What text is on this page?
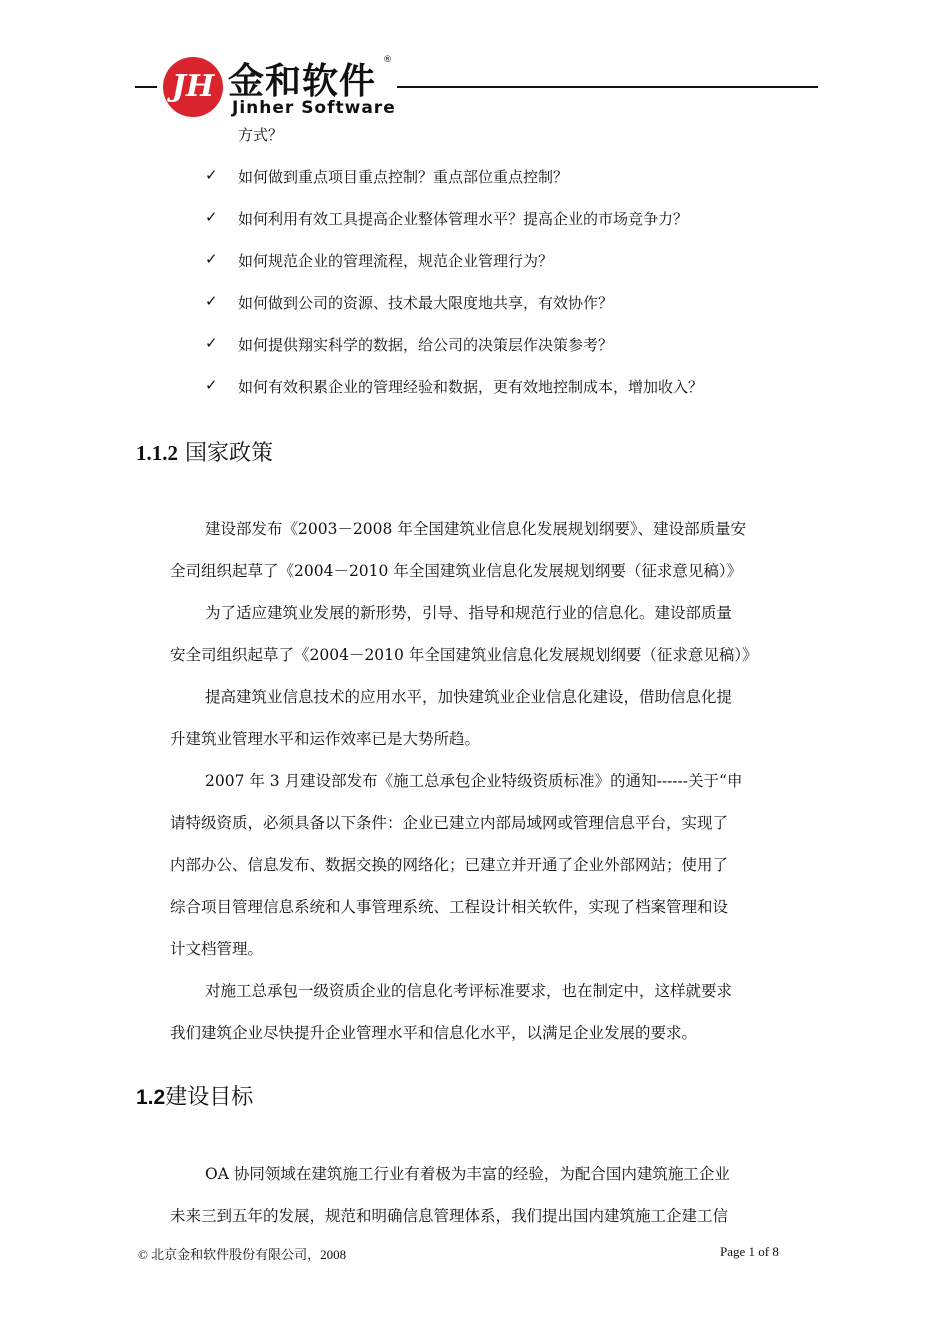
JH 金和软件
®
Jinher Software
方式？
✓ 如何做到重点项目重点控制？重点部位重点控制？
✓ 如何利用有效工具提高企业整体管理水平？提高企业的市场竞争力？
✓ 如何规范企业的管理流程，规范企业管理行为？
✓ 如何做到公司的资源、技术最大限度地共享，有效协作？
✓ 如何提供翔实科学的数据，给公司的决策层作决策参考？
✓ 如何有效积累企业的管理经验和数据，更有效地控制成本，增加收入？
1.1.2 国家政策
建设部发布《2003－2008 年全国建筑业信息化发展规划纲要》、建设部质量安
全司组织起草了《2004－2010 年全国建筑业信息化发展规划纲要（征求意见稿）》
为了适应建筑业发展的新形势，引导、指导和规范行业的信息化。建设部质量
安全司组织起草了《2004－2010 年全国建筑业信息化发展规划纲要（征求意见稿）》
提高建筑业信息技术的应用水平，加快建筑业企业信息化建设，借助信息化提
升建筑业管理水平和运作效率已是大势所趋。
2007 年 3 月建设部发布《施工总承包企业特级资质标准》的通知------关于“申
请特级资质，必须具备以下条件：企业已建立内部局域网或管理信息平台，实现了
内部办公、信息发布、数据交换的网络化；已建立并开通了企业外部网站；使用了
综合项目管理信息系统和人事管理系统、工程设计相关软件，实现了档案管理和设
计文档管理。
对施工总承包一级资质企业的信息化考评标准要求，也在制定中，这样就要求
我们建筑企业尽快提升企业管理水平和信息化水平，以满足企业发展的要求。
1.2建设目标
OA 协同领域在建筑施工行业有着极为丰富的经验，为配合国内建筑施工企业
未来三到五年的发展，规范和明确信息管理体系，我们提出国内建筑施工企建工信
© 北京金和软件股份有限公司，2008	Page 1 of 8
